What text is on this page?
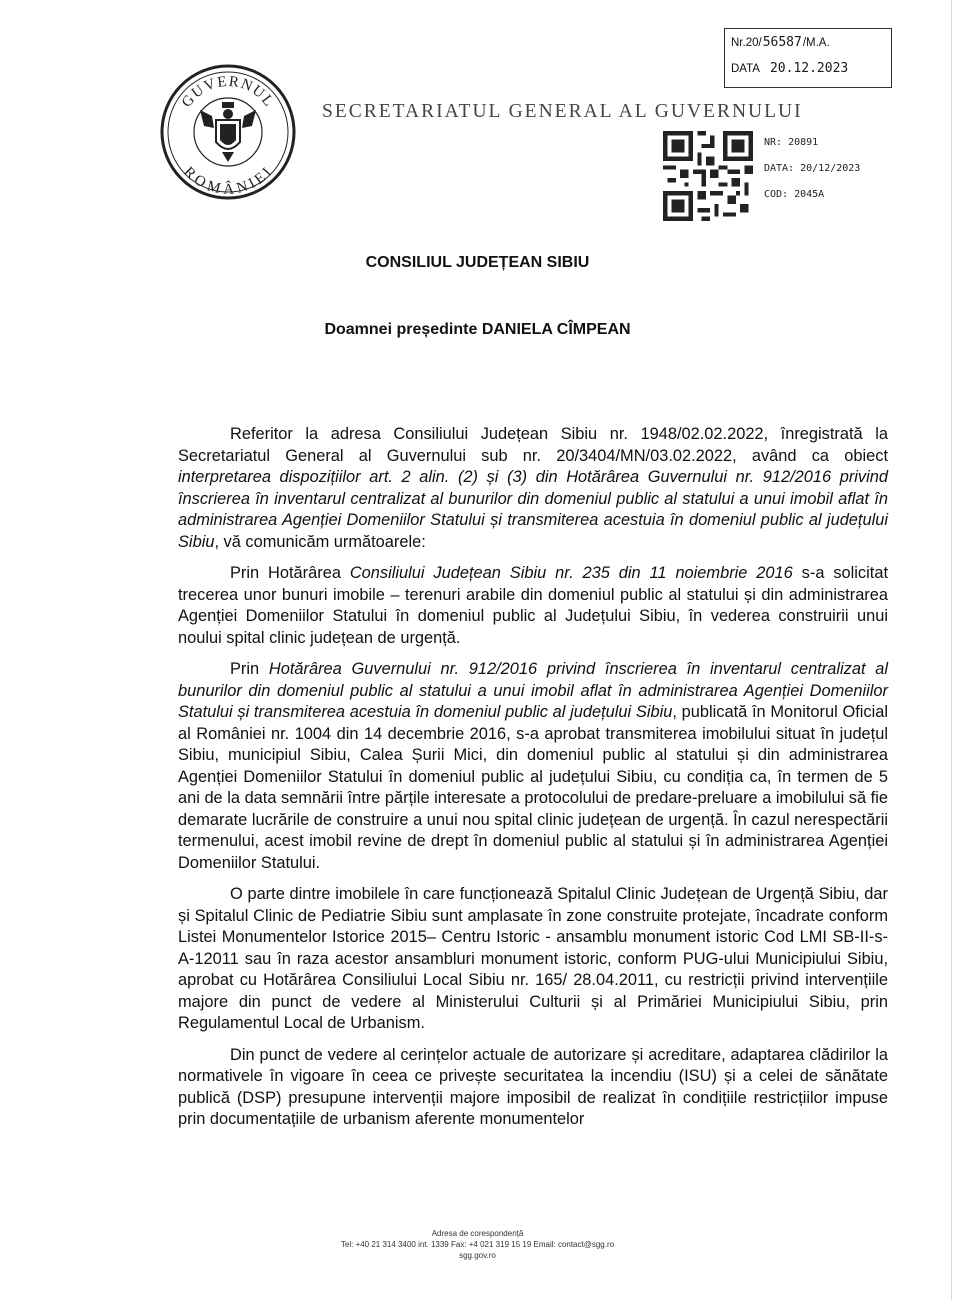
Nr.20/ 56587 /M.A.
DATA 20.12.2023
GUVERNUL
ROMÂNIEI
SECRETARIATUL GENERAL AL GUVERNULUI
NR: 20891
DATA: 20/12/2023
COD: 2045A
CONSILIUL JUDEȚEAN SIBIU
Doamnei președinte DANIELA CÎMPEAN

Referitor la adresa Consiliului Județean Sibiu nr. 1948/02.02.2022, înregistrată la Secretariatul General al Guvernului sub nr. 20/3404/MN/03.02.2022, având ca obiect interpretarea dispozițiilor art. 2 alin. (2) și (3) din Hotărârea Guvernului nr. 912/2016 privind înscrierea în inventarul centralizat al bunurilor din domeniul public al statului a unui imobil aflat în administrarea Agenției Domeniilor Statului și transmiterea acestuia în domeniul public al județului Sibiu, vă comunicăm următoarele:

Prin Hotărârea Consiliului Județean Sibiu nr. 235 din 11 noiembrie 2016 s-a solicitat trecerea unor bunuri imobile – terenuri arabile din domeniul public al statului și din administrarea Agenției Domeniilor Statului în domeniul public al Județului Sibiu, în vederea construirii unui noului spital clinic județean de urgență.

Prin Hotărârea Guvernului nr. 912/2016 privind înscrierea în inventarul centralizat al bunurilor din domeniul public al statului a unui imobil aflat în administrarea Agenției Domeniilor Statului și transmiterea acestuia în domeniul public al județului Sibiu, publicată în Monitorul Oficial al României nr. 1004 din 14 decembrie 2016, s-a aprobat transmiterea imobilului situat în județul Sibiu, municipiul Sibiu, Calea Șurii Mici, din domeniul public al statului și din administrarea Agenției Domeniilor Statului în domeniul public al județului Sibiu, cu condiția ca, în termen de 5 ani de la data semnării între părțile interesate a protocolului de predare-preluare a imobilului să fie demarate lucrările de construire a unui nou spital clinic județean de urgență. În cazul nerespectării termenului, acest imobil revine de drept în domeniul public al statului și în administrarea Agenției Domeniilor Statului.

O parte dintre imobilele în care funcționează Spitalul Clinic Județean de Urgență Sibiu, dar și Spitalul Clinic de Pediatrie Sibiu sunt amplasate în zone construite protejate, încadrate conform Listei Monumentelor Istorice 2015– Centru Istoric - ansamblu monument istoric Cod LMI SB-II-s-A-12011 sau în raza acestor ansambluri monument istoric, conform PUG-ului Municipiului Sibiu, aprobat cu Hotărârea Consiliului Local Sibiu nr. 165/ 28.04.2011, cu restricții privind intervențiile majore din punct de vedere al Ministerului Culturii și al Primăriei Municipiului Sibiu, prin Regulamentul Local de Urbanism.

Din punct de vedere al cerințelor actuale de autorizare și acreditare, adaptarea clădirilor la normativele în vigoare în ceea ce privește securitatea la incendiu (ISU) și a celei de sănătate publică (DSP) presupune intervenții majore imposibil de realizat în condițiile restricțiilor impuse prin documentațiile de urbanism aferente monumentelor

Adresa de corespondență
Tel: +40 21 314 3400 int. 1339 Fax: +4 021 319 15 19 Email: contact@sgg.ro
sgg.gov.ro
